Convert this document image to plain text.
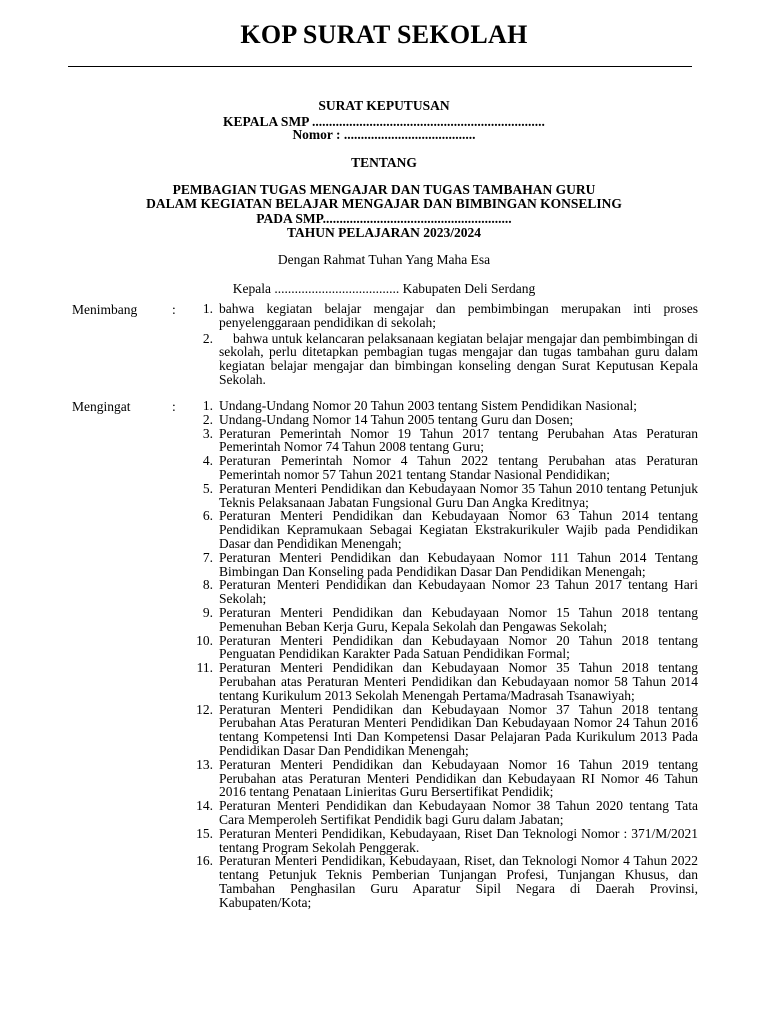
KOP SURAT SEKOLAH
SURAT KEPUTUSAN
KEPALA SMP .....................................................................
Nomor : .......................................
TENTANG
PEMBAGIAN TUGAS MENGAJAR DAN TUGAS TAMBAHAN GURU
DALAM KEGIATAN BELAJAR MENGAJAR DAN BIMBINGAN KONSELING
PADA SMP........................................................
TAHUN PELAJARAN 2023/2024
Dengan Rahmat Tuhan Yang Maha Esa
Kepala ..................................... Kabupaten Deli Serdang
Menimbang	:	1. bahwa kegiatan belajar mengajar dan pembimbingan merupakan inti proses penyelenggaraan pendidikan di sekolah;
2.	bahwa untuk kelancaran pelaksanaan kegiatan belajar mengajar dan pembimbingan di sekolah, perlu ditetapkan pembagian tugas mengajar dan tugas tambahan guru dalam kegiatan belajar mengajar dan bimbingan konseling dengan Surat Keputusan Kepala Sekolah.
Mengingat	:	1. Undang-Undang Nomor 20 Tahun 2003 tentang Sistem Pendidikan Nasional;
2. Undang-Undang Nomor 14 Tahun 2005 tentang Guru dan Dosen;
3. Peraturan Pemerintah Nomor 19 Tahun 2017 tentang Perubahan Atas Peraturan Pemerintah Nomor 74 Tahun 2008 tentang Guru;
4. Peraturan Pemerintah Nomor 4 Tahun 2022 tentang Perubahan atas Peraturan Pemerintah nomor 57 Tahun 2021 tentang Standar Nasional Pendidikan;
5. Peraturan Menteri Pendidikan dan Kebudayaan Nomor 35 Tahun 2010 tentang Petunjuk Teknis Pelaksanaan Jabatan Fungsional Guru Dan Angka Kreditnya;
6. Peraturan Menteri Pendidikan dan Kebudayaan Nomor 63 Tahun 2014 tentang Pendidikan Kepramukaan Sebagai Kegiatan Ekstrakurikuler Wajib pada Pendidikan Dasar dan Pendidikan Menengah;
7. Peraturan Menteri Pendidikan dan Kebudayaan Nomor 111 Tahun 2014 Tentang Bimbingan Dan Konseling pada Pendidikan Dasar Dan Pendidikan Menengah;
8. Peraturan Menteri Pendidikan dan Kebudayaan Nomor 23 Tahun 2017 tentang Hari Sekolah;
9. Peraturan Menteri Pendidikan dan Kebudayaan Nomor 15 Tahun 2018 tentang Pemenuhan Beban Kerja Guru, Kepala Sekolah dan Pengawas Sekolah;
10. Peraturan Menteri Pendidikan dan Kebudayaan Nomor 20 Tahun 2018 tentang Penguatan Pendidikan Karakter Pada Satuan Pendidikan Formal;
11. Peraturan Menteri Pendidikan dan Kebudayaan Nomor 35 Tahun 2018 tentang Perubahan atas Peraturan Menteri Pendidikan dan Kebudayaan nomor 58 Tahun 2014 tentang Kurikulum 2013 Sekolah Menengah Pertama/Madrasah Tsanawiyah;
12. Peraturan Menteri Pendidikan dan Kebudayaan Nomor 37 Tahun 2018 tentang Perubahan Atas Peraturan Menteri Pendidikan Dan Kebudayaan Nomor 24 Tahun 2016 tentang Kompetensi Inti Dan Kompetensi Dasar Pelajaran Pada Kurikulum 2013 Pada Pendidikan Dasar Dan Pendidikan Menengah;
13. Peraturan Menteri Pendidikan dan Kebudayaan Nomor 16 Tahun 2019 tentang Perubahan atas Peraturan Menteri Pendidikan dan Kebudayaan RI Nomor 46 Tahun 2016 tentang Penataan Linieritas Guru Bersertifikat Pendidik;
14. Peraturan Menteri Pendidikan dan Kebudayaan Nomor 38 Tahun 2020 tentang Tata Cara Memperoleh Sertifikat Pendidik bagi Guru dalam Jabatan;
15. Peraturan Menteri Pendidikan, Kebudayaan, Riset Dan Teknologi Nomor : 371/M/2021 tentang Program Sekolah Penggerak.
16. Peraturan Menteri Pendidikan, Kebudayaan, Riset, dan Teknologi Nomor 4 Tahun 2022 tentang Petunjuk Teknis Pemberian Tunjangan Profesi, Tunjangan Khusus, dan Tambahan Penghasilan Guru Aparatur Sipil Negara di Daerah Provinsi, Kabupaten/Kota;
